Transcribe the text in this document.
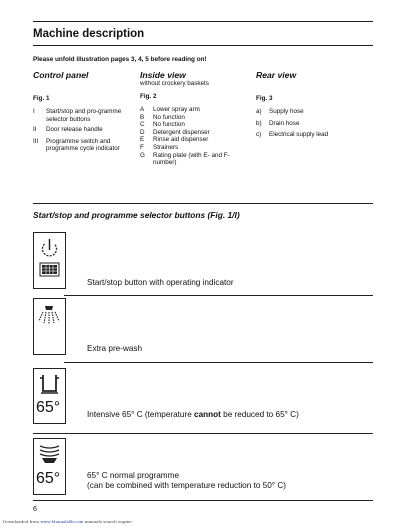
Machine description
Please unfold illustration pages 3, 4, 5 before reading on!
Control panel
Fig. 1
I	Start/stop and pro-gramme selector buttons
II	Door release handle
III	Programme switch and programme cycle indicator
Inside view
without crockery baskets
Fig. 2
A	Lower spray arm
B	No function
C	No function
D	Detergent dispenser
E	Rinse aid dispenser
F	Strainers
G	Rating plate (with E- and F-number)
Rear view
Fig. 3
a)	Supply hose
b)	Drain hose
c)	Electrical supply lead
Start/stop and programme selector buttons (Fig. 1/I)
Start/stop button with operating indicator
Extra pre-wash
65°	Intensive 65° C (temperature cannot be reduced to 65° C)
65°	65° C normal programme
(can be combined with temperature reduction to 50° C)
6
Downloaded from www.Manualslib.com manuals search engine
